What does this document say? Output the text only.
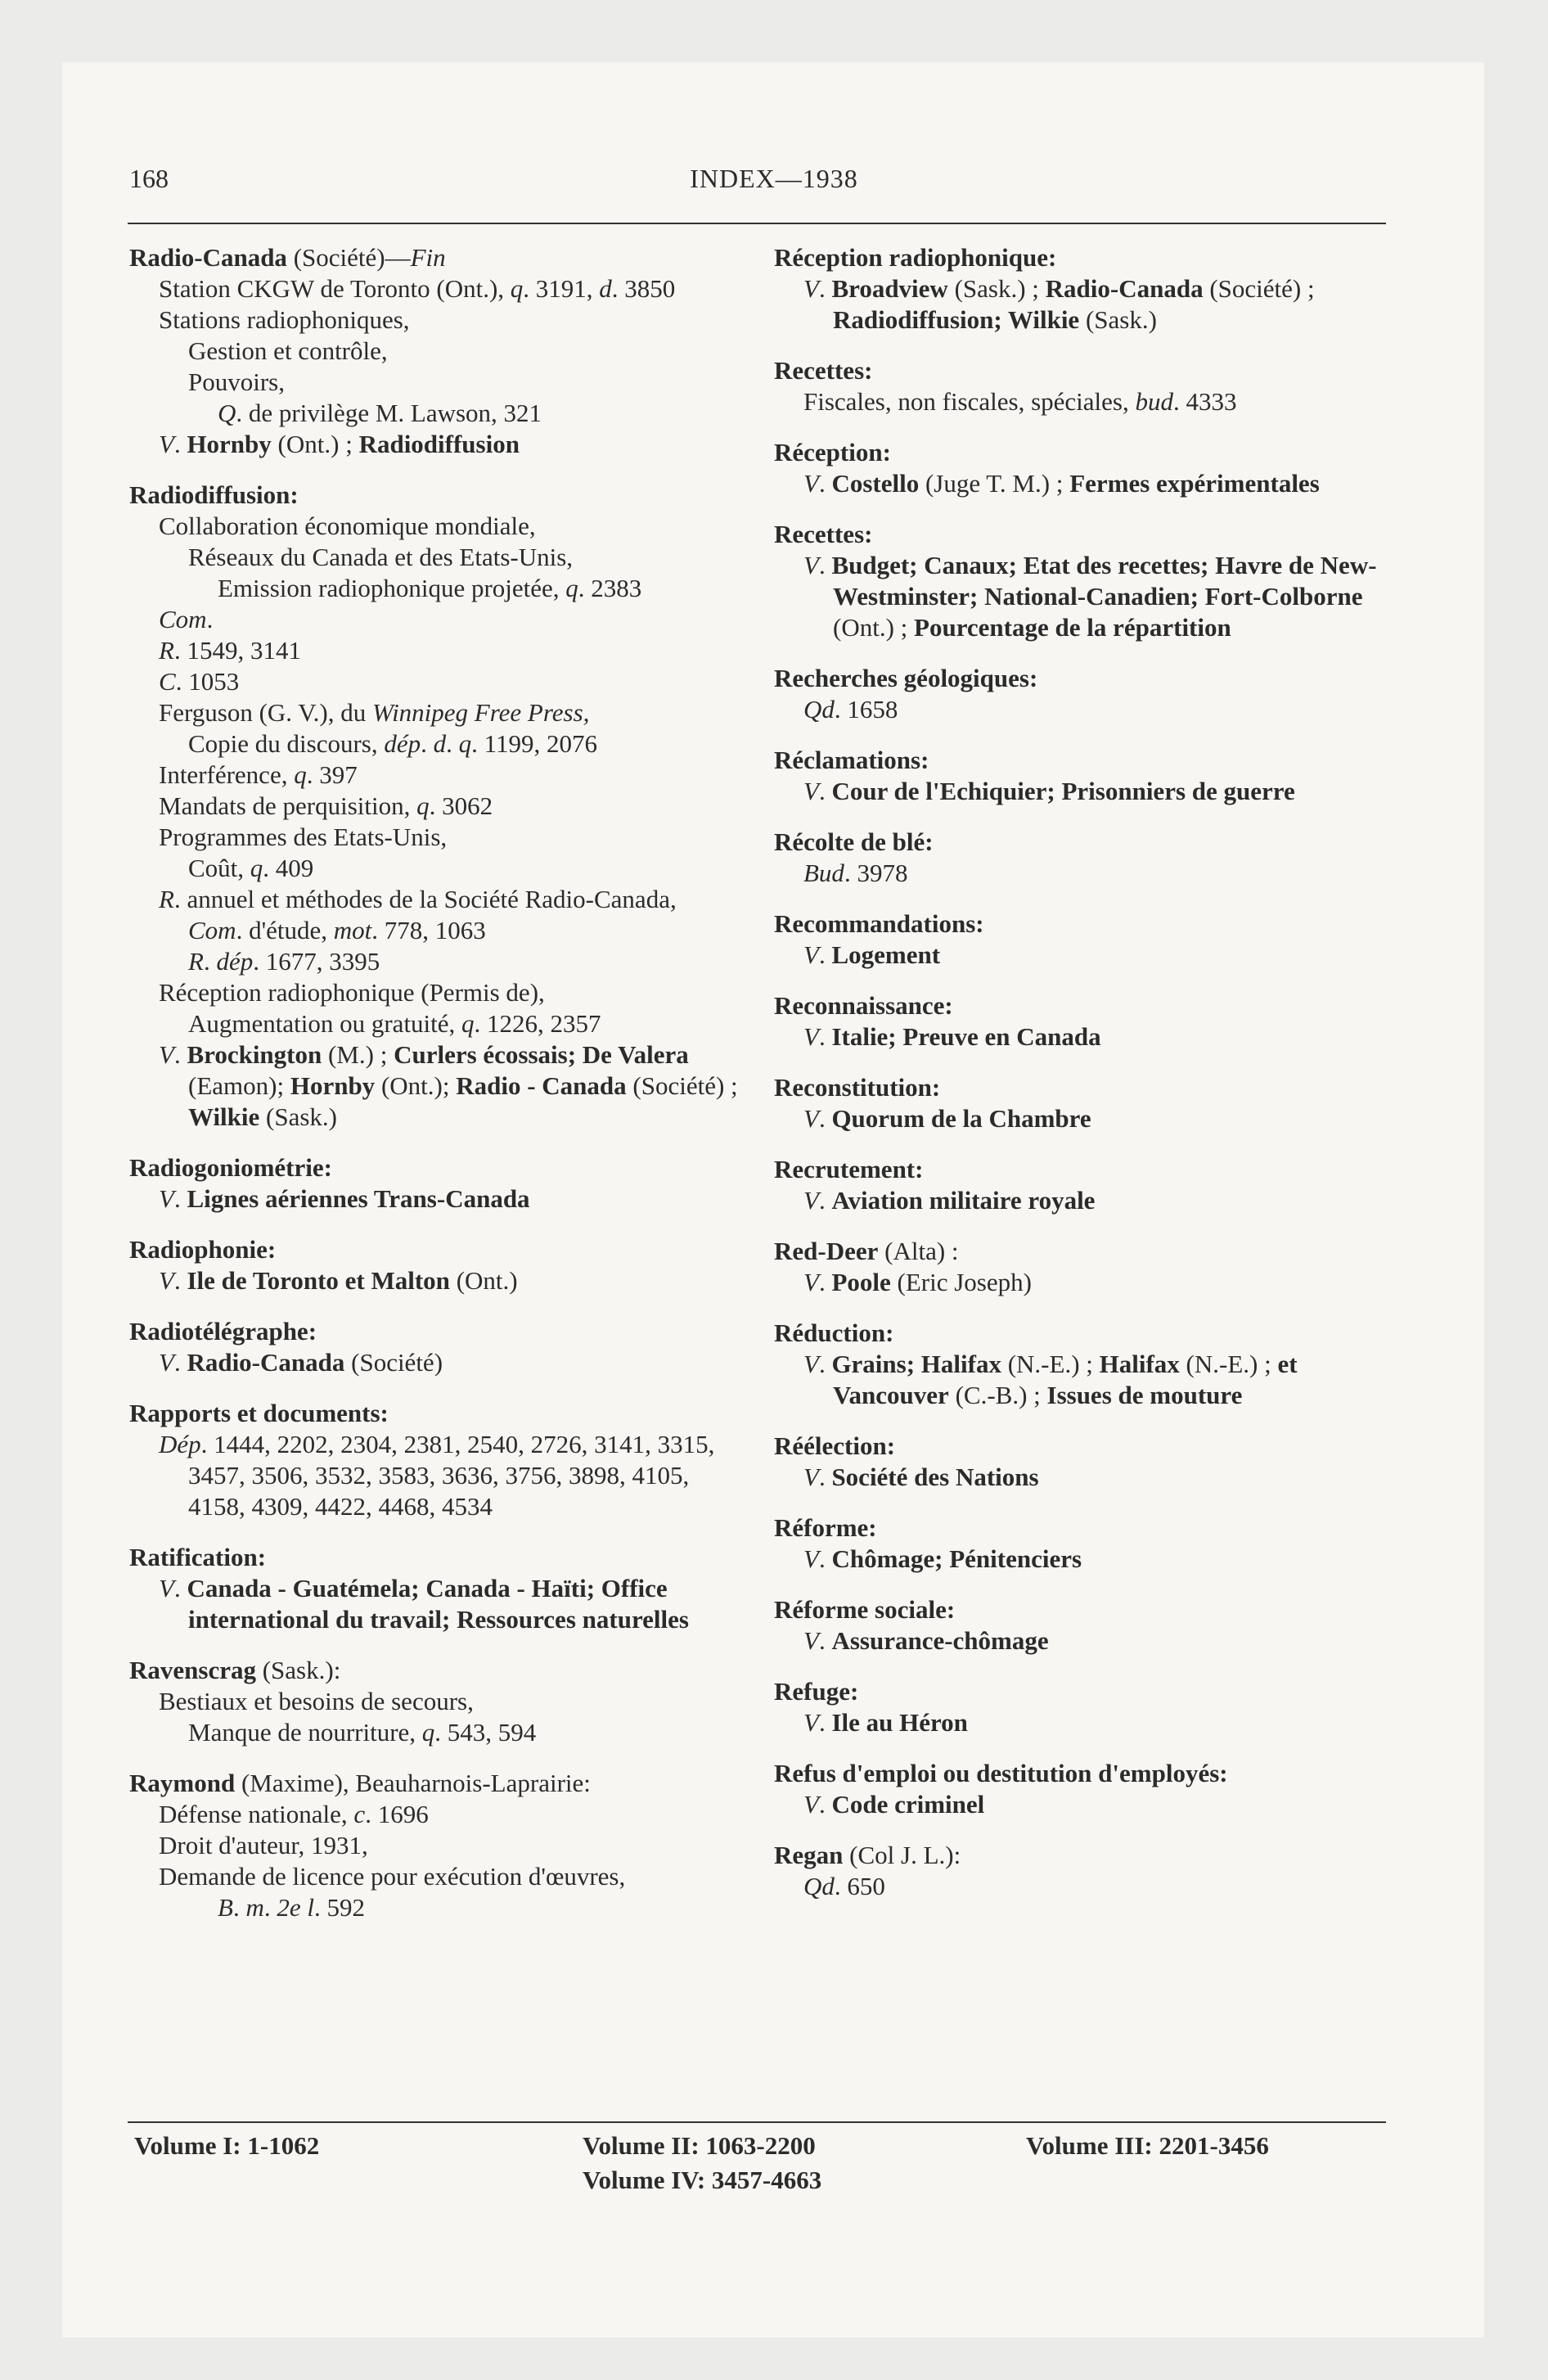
168	INDEX—1938
Radio-Canada (Société)—Fin
Station CKGW de Toronto (Ont.), q. 3191, d. 3850
Stations radiophoniques,
Gestion et contrôle,
Pouvoirs,
Q. de privilège M. Lawson, 321
V. Hornby (Ont.) ; Radiodiffusion
Radiodiffusion:
Collaboration économique mondiale,
Réseaux du Canada et des Etats-Unis,
Emission radiophonique projetée, q. 2383
Com.
R. 1549, 3141
C. 1053
Ferguson (G. V.), du Winnipeg Free Press,
Copie du discours, dép. d. q. 1199, 2076
Interférence, q. 397
Mandats de perquisition, q. 3062
Programmes des Etats-Unis,
Coût, q. 409
R. annuel et méthodes de la Société Radio-Canada,
Com. d'étude, mot. 778, 1063
R. dép. 1677, 3395
Réception radiophonique (Permis de),
Augmentation ou gratuité, q. 1226, 2357
V. Brockington (M.) ; Curlers écossais; De Valera (Eamon); Hornby (Ont.); Radio - Canada (Société) ; Wilkie (Sask.)
Radiogoniométrie:
V. Lignes aériennes Trans-Canada
Radiophonie:
V. Ile de Toronto et Malton (Ont.)
Radiotélégraphe:
V. Radio-Canada (Société)
Rapports et documents:
Dép. 1444, 2202, 2304, 2381, 2540, 2726, 3141, 3315, 3457, 3506, 3532, 3583, 3636, 3756, 3898, 4105, 4158, 4309, 4422, 4468, 4534
Ratification:
V. Canada - Guatémela; Canada - Haïti; Office international du travail; Ressources naturelles
Ravenscrag (Sask.):
Bestiaux et besoins de secours,
Manque de nourriture, q. 543, 594
Raymond (Maxime), Beauharnois-Laprairie:
Défense nationale, c. 1696
Droit d'auteur, 1931,
Demande de licence pour exécution d'œuvres,
B. m. 2e l. 592
Réception radiophonique:
V. Broadview (Sask.) ; Radio-Canada (Société) ; Radiodiffusion; Wilkie (Sask.)
Recettes:
Fiscales, non fiscales, spéciales, bud. 4333
Réception:
V. Costello (Juge T. M.) ; Fermes expérimentales
Recettes:
V. Budget; Canaux; Etat des recettes; Havre de New-Westminster; National-Canadien; Fort-Colborne (Ont.) ; Pourcentage de la répartition
Recherches géologiques:
Qd. 1658
Réclamations:
V. Cour de l'Echiquier; Prisonniers de guerre
Récolte de blé:
Bud. 3978
Recommandations:
V. Logement
Reconnaissance:
V. Italie; Preuve en Canada
Reconstitution:
V. Quorum de la Chambre
Recrutement:
V. Aviation militaire royale
Red-Deer (Alta) :
V. Poole (Eric Joseph)
Réduction:
V. Grains; Halifax (N.-E.) ; Halifax (N.-E.) ; et Vancouver (C.-B.) ; Issues de mouture
Réélection:
V. Société des Nations
Réforme:
V. Chômage; Pénitenciers
Réforme sociale:
V. Assurance-chômage
Refuge:
V. Ile au Héron
Refus d'emploi ou destitution d'employés:
V. Code criminel
Regan (Col J. L.):
Qd. 650
Volume I: 1-1062	Volume II: 1063-2200	Volume III: 2201-3456
Volume IV: 3457-4663
